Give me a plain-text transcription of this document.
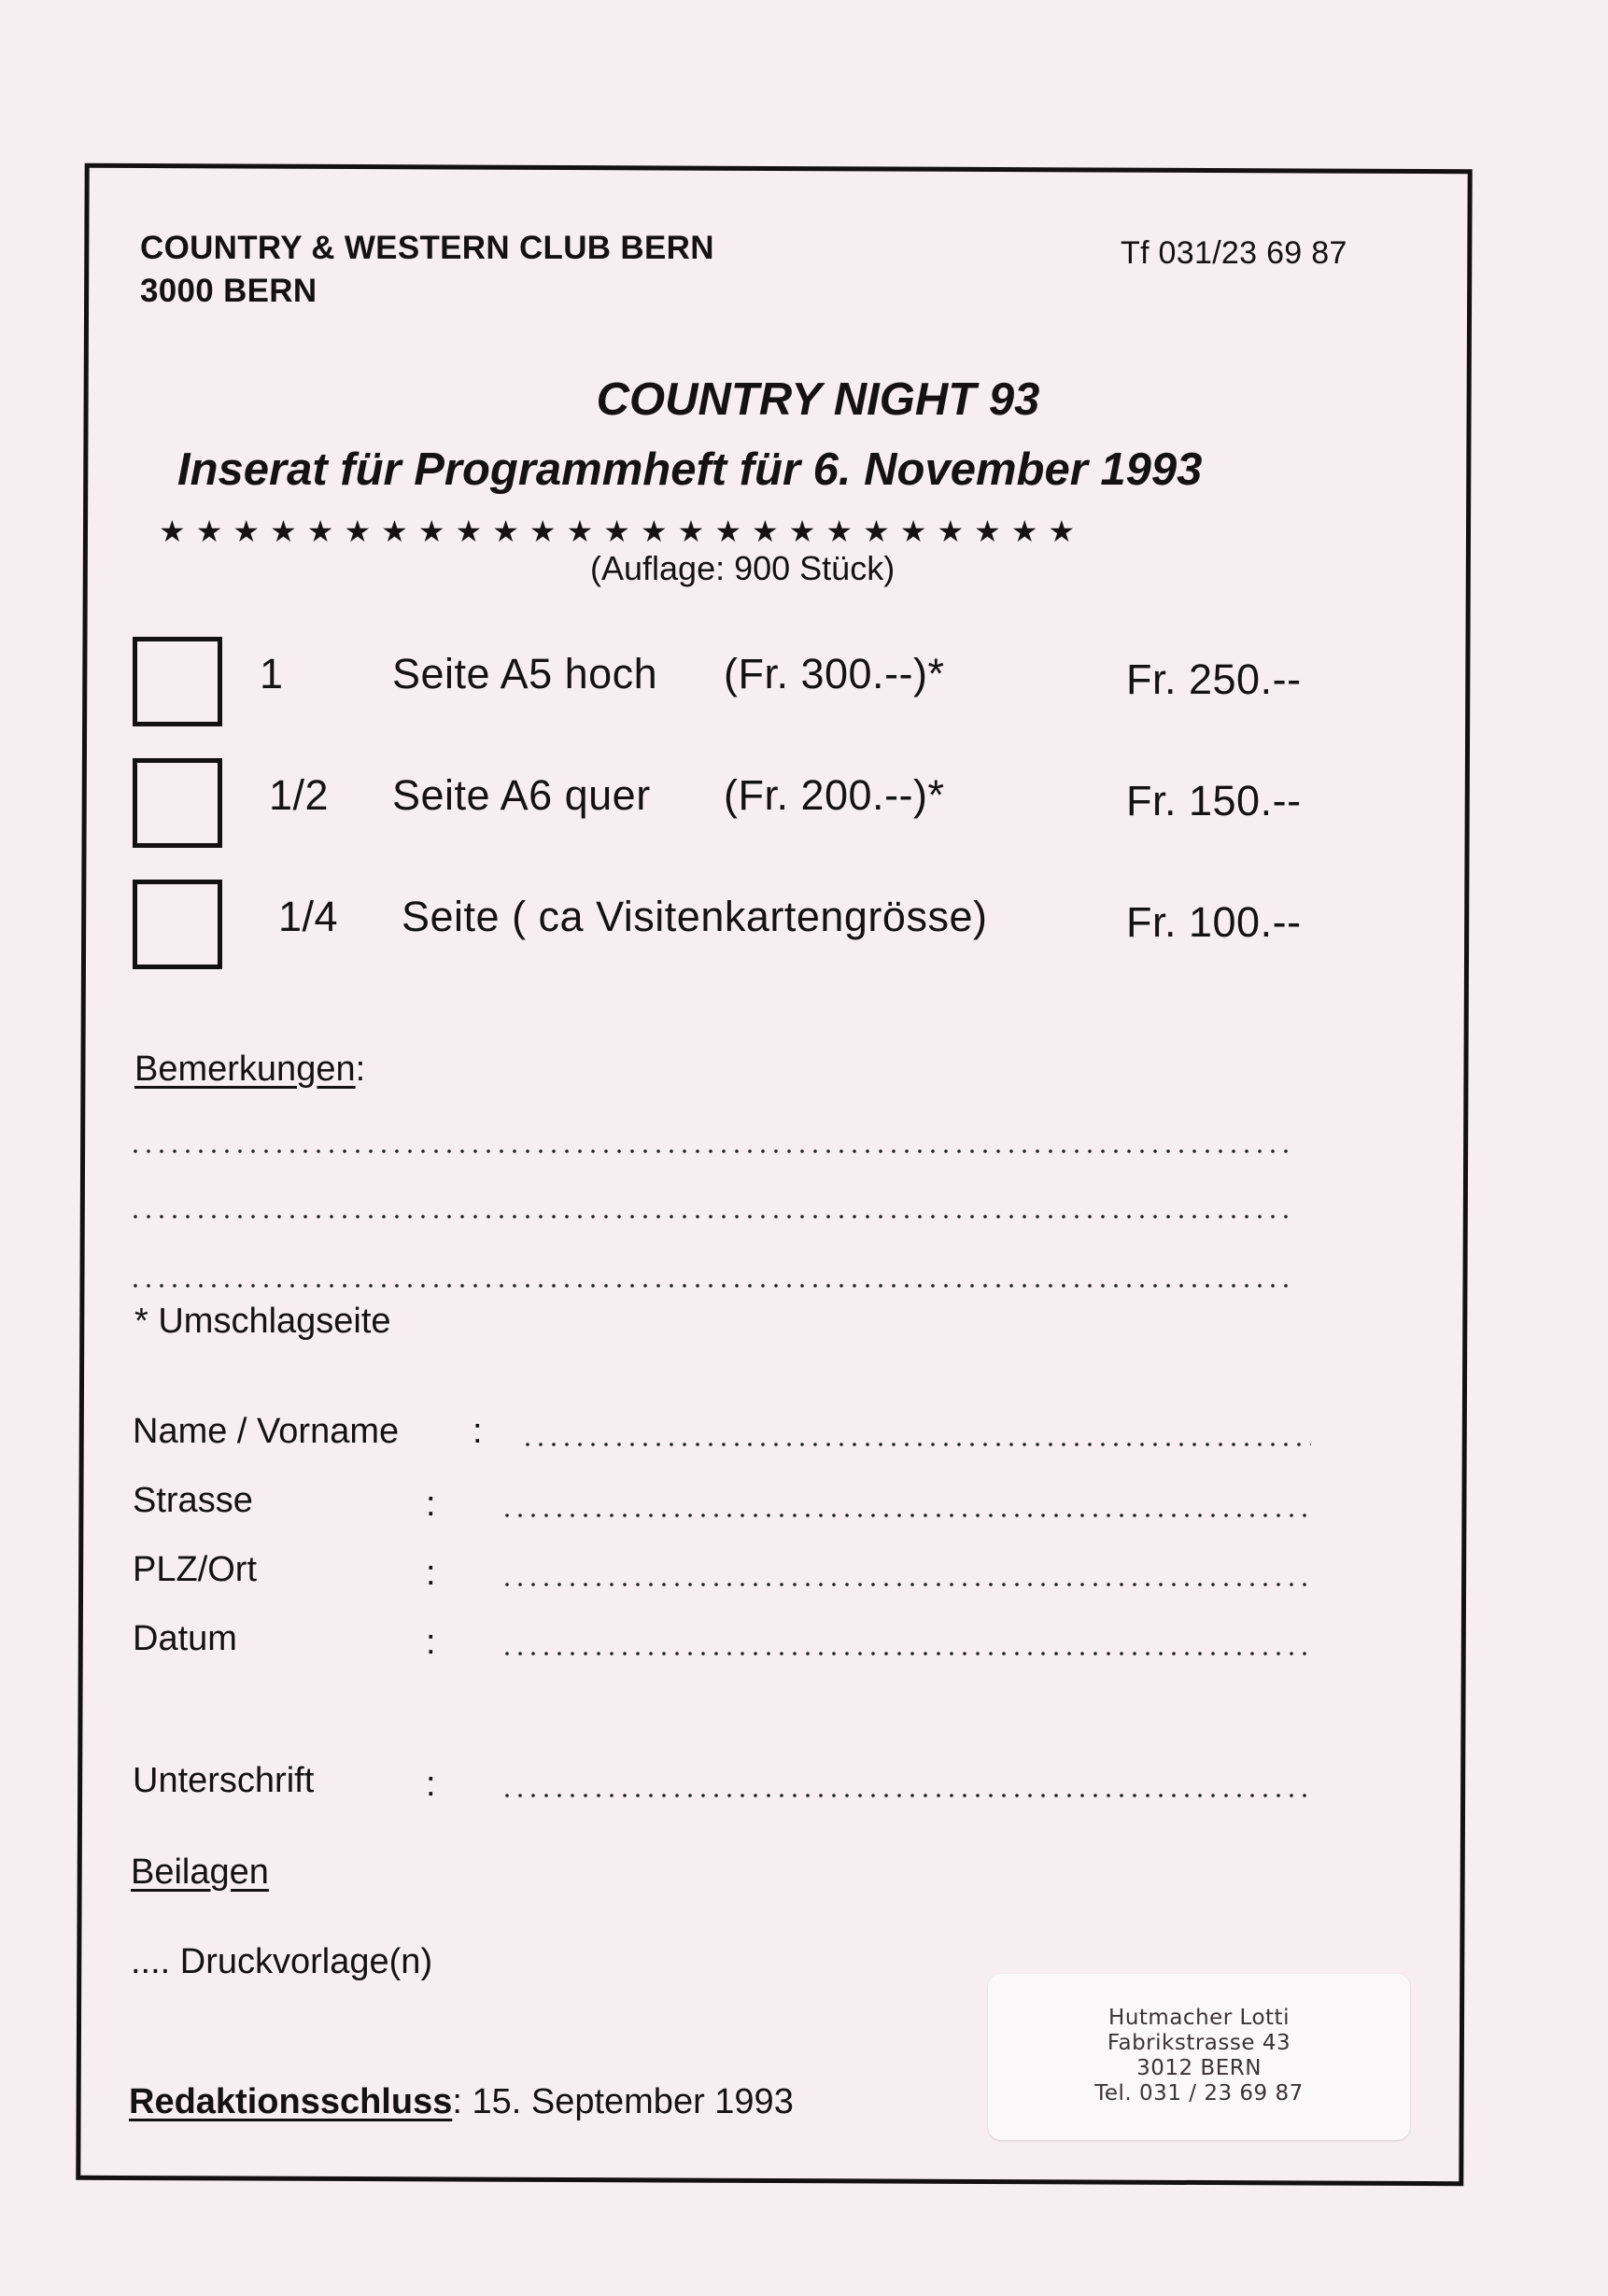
COUNTRY & WESTERN CLUB BERN
3000 BERN
Tf 031/23 69 87
COUNTRY NIGHT 93
Inserat für Programmheft für 6. November 1993
★★★★★★★★★★★★★★★★★★★★★★★★★
(Auflage: 900 Stück)
1	Seite A5 hoch (Fr. 300.--)*	Fr. 250.--
1/2 Seite A6 quer (Fr. 200.--)*	Fr. 150.--
1/4 Seite ( ca Visitenkartengrösse)	Fr. 100.--
Bemerkungen:
* Umschlagseite
Name / Vorname :
Strasse	:
PLZ/Ort	:
Datum	:
Unterschrift	:
Beilagen
.... Druckvorlage(n)
Redaktionsschluss: 15. September 1993
Hutmacher Lotti
Fabrikstrasse 43
3012 BERN
Tel. 031 / 23 69 87
